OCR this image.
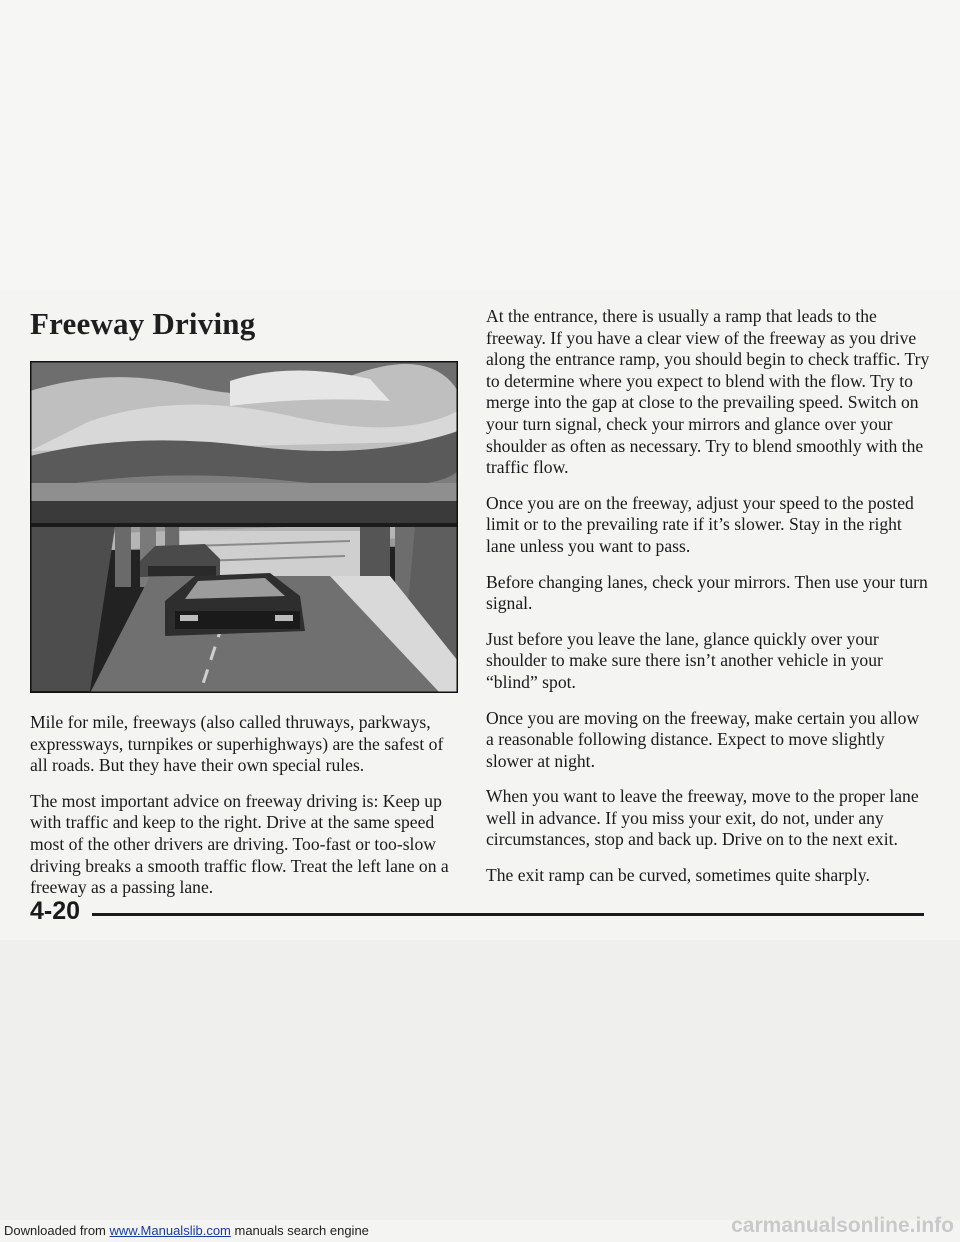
Freeway Driving

Mile for mile, freeways (also called thruways, parkways, expressways, turnpikes or superhighways) are the safest of all roads. But they have their own special rules.

The most important advice on freeway driving is: Keep up with traffic and keep to the right. Drive at the same speed most of the other drivers are driving. Too-fast or too-slow driving breaks a smooth traffic flow. Treat the left lane on a freeway as a passing lane.

At the entrance, there is usually a ramp that leads to the freeway. If you have a clear view of the freeway as you drive along the entrance ramp, you should begin to check traffic. Try to determine where you expect to blend with the flow. Try to merge into the gap at close to the prevailing speed. Switch on your turn signal, check your mirrors and glance over your shoulder as often as necessary. Try to blend smoothly with the traffic flow.

Once you are on the freeway, adjust your speed to the posted limit or to the prevailing rate if it’s slower. Stay in the right lane unless you want to pass.

Before changing lanes, check your mirrors. Then use your turn signal.

Just before you leave the lane, glance quickly over your shoulder to make sure there isn’t another vehicle in your “blind” spot.

Once you are moving on the freeway, make certain you allow a reasonable following distance. Expect to move slightly slower at night.

When you want to leave the freeway, move to the proper lane well in advance. If you miss your exit, do not, under any circumstances, stop and back up. Drive on to the next exit.

The exit ramp can be curved, sometimes quite sharply.

4-20
Downloaded from www.Manualslib.com manuals search engine	carmanualsonline.info
